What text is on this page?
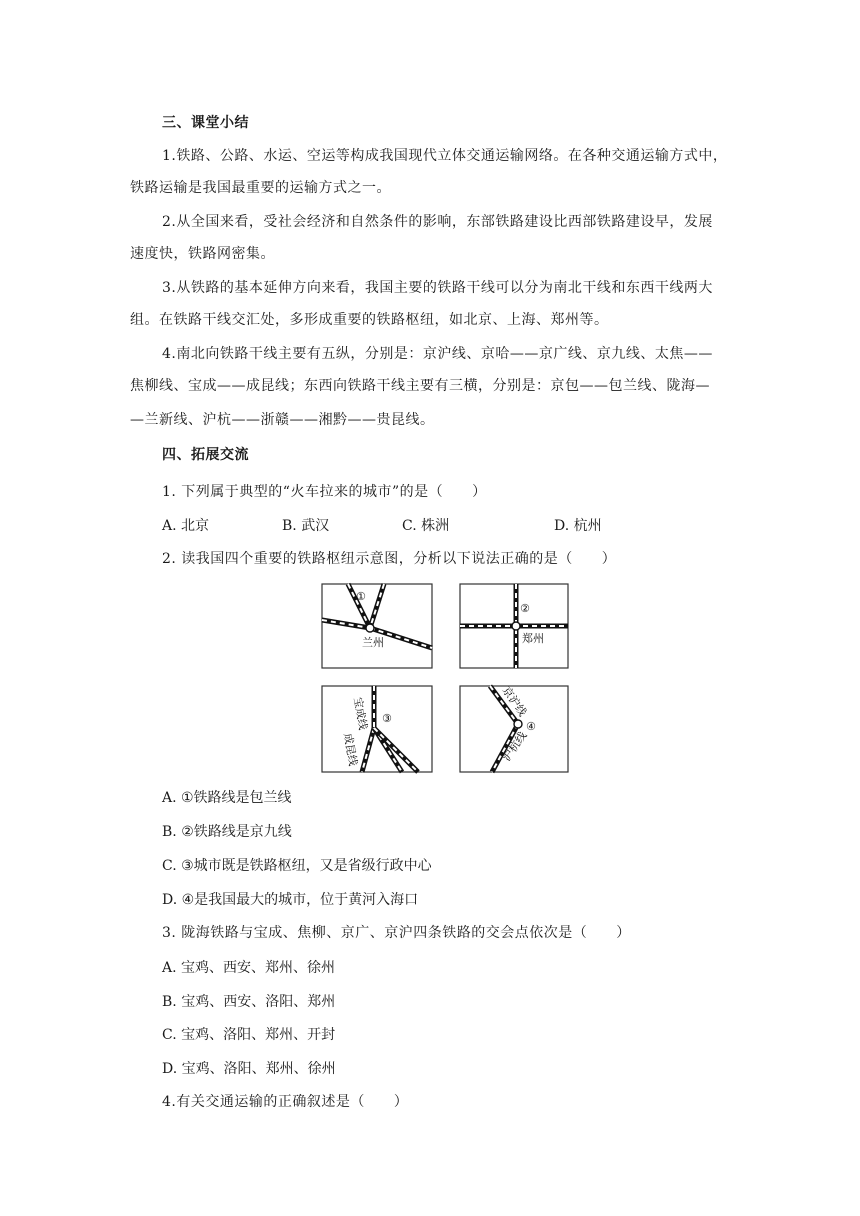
三、课堂小结
1.铁路、公路、水运、空运等构成我国现代立体交通运输网络。在各种交通运输方式中，
铁路运输是我国最重要的运输方式之一。
2.从全国来看，受社会经济和自然条件的影响，东部铁路建设比西部铁路建设早，发展
速度快，铁路网密集。
3.从铁路的基本延伸方向来看，我国主要的铁路干线可以分为南北干线和东西干线两大
组。在铁路干线交汇处，多形成重要的铁路枢纽，如北京、上海、郑州等。
4.南北向铁路干线主要有五纵，分别是：京沪线、京哈——京广线、京九线、太焦——
焦柳线、宝成——成昆线；东西向铁路干线主要有三横，分别是：京包——包兰线、陇海—
—兰新线、沪杭——浙赣——湘黔——贵昆线。
四、拓展交流
1. 下列属于典型的“火车拉来的城市”的是（　　）
A. 北京	B. 武汉	C. 株洲	D. 杭州
2. 读我国四个重要的铁路枢纽示意图，分析以下说法正确的是（　　）
①
兰州
②
郑州
③
宝成线
成昆线
④
京沪线
沪杭线
A. ①铁路线是包兰线
B. ②铁路线是京九线
C. ③城市既是铁路枢纽，又是省级行政中心
D. ④是我国最大的城市，位于黄河入海口
3. 陇海铁路与宝成、焦柳、京广、京沪四条铁路的交会点依次是（　　）
A. 宝鸡、西安、郑州、徐州
B. 宝鸡、西安、洛阳、郑州
C. 宝鸡、洛阳、郑州、开封
D. 宝鸡、洛阳、郑州、徐州
4.有关交通运输的正确叙述是（　　）
